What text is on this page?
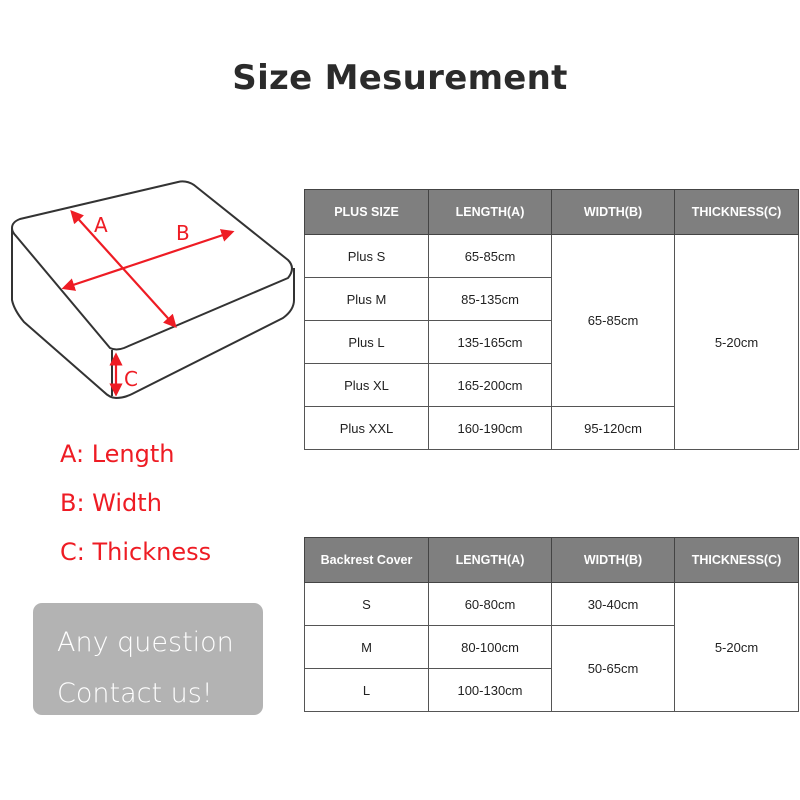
Size Mesurement
A	B
C
A: Length
B: Width
C: Thickness
Any question
Contact us!
PLUS SIZE	LENGTH(A)	WIDTH(B)	THICKNESS(C)
Plus S	65-85cm	65-85cm	5-20cm
Plus M	85-135cm		
Plus L	135-165cm		
Plus XL	165-200cm		
Plus XXL	160-190cm	95-120cm	
Backrest Cover	LENGTH(A)	WIDTH(B)	THICKNESS(C)
S	60-80cm	30-40cm	5-20cm
M	80-100cm	50-65cm	
L	100-130cm		
